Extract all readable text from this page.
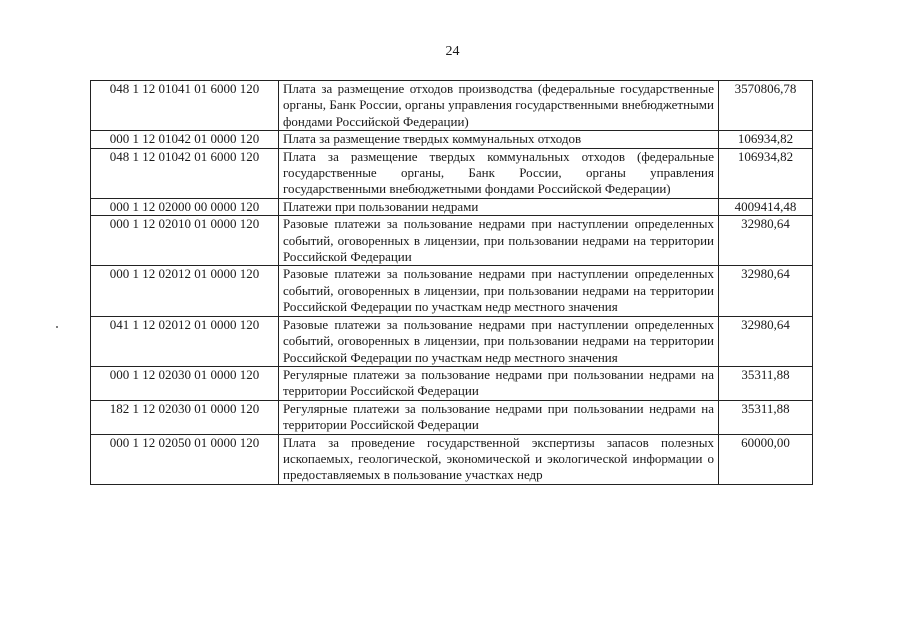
24
048 1 12 01041 01 6000 120	Плата за размещение отходов производства (федеральные государственные органы, Банк России, органы управления государственными внебюджетными фондами Российской Федерации)	3570806,78
000 1 12 01042 01 0000 120	Плата за размещение твердых коммунальных отходов	106934,82
048 1 12 01042 01 6000 120	Плата за размещение твердых коммунальных отходов (федеральные государственные органы, Банк России, органы управления государственными внебюджетными фондами Российской Федерации)	106934,82
000 1 12 02000 00 0000 120	Платежи при пользовании недрами	4009414,48
000 1 12 02010 01 0000 120	Разовые платежи за пользование недрами при наступлении определенных событий, оговоренных в лицензии, при пользовании недрами на территории Российской Федерации	32980,64
000 1 12 02012 01 0000 120	Разовые платежи за пользование недрами при наступлении определенных событий, оговоренных в лицензии, при пользовании недрами на территории Российской Федерации по участкам недр местного значения	32980,64
041 1 12 02012 01 0000 120	Разовые платежи за пользование недрами при наступлении определенных событий, оговоренных в лицензии, при пользовании недрами на территории Российской Федерации по участкам недр местного значения	32980,64
000 1 12 02030 01 0000 120	Регулярные платежи за пользование недрами при пользовании недрами на территории Российской Федерации	35311,88
182 1 12 02030 01 0000 120	Регулярные платежи за пользование недрами при пользовании недрами на территории Российской Федерации	35311,88
000 1 12 02050 01 0000 120	Плата за проведение государственной экспертизы запасов полезных ископаемых, геологической, экономической и экологической информации о предоставляемых в пользование участках недр	60000,00
